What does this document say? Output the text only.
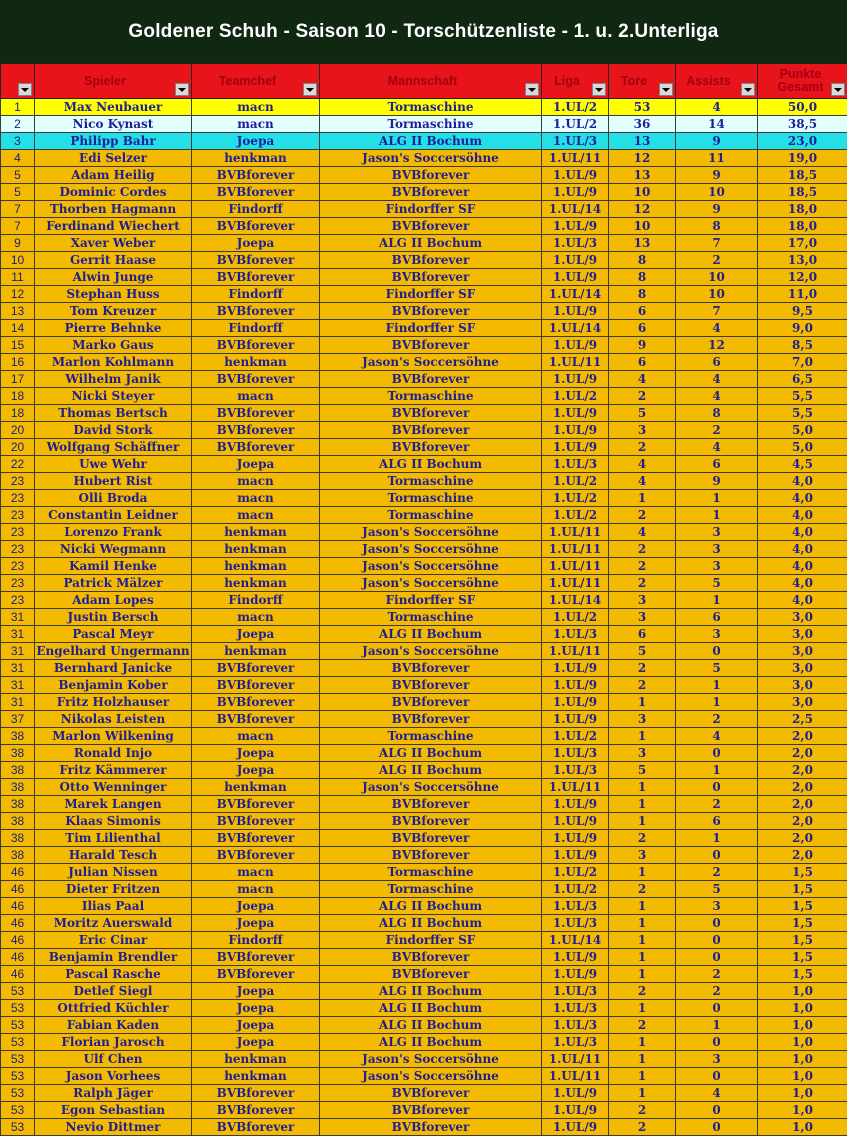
Goldener Schuh - Saison 10 - Torschützenliste - 1. u. 2.Unterliga

	Spieler	Teamchef	Mannschaft	Liga	Tore	Assists	Punkte Gesamt

1	Max Neubauer	macn	Tormaschine	1.UL/2	53	4	50,0
2	Nico Kynast	macn	Tormaschine	1.UL/2	36	14	38,5
3	Philipp Bahr	Joepa	ALG II Bochum	1.UL/3	13	9	23,0
4	Edi Selzer	henkman	Jason's Soccersöhne	1.UL/11	12	11	19,0
5	Adam Heilig	BVBforever	BVBforever	1.UL/9	13	9	18,5
5	Dominic Cordes	BVBforever	BVBforever	1.UL/9	10	10	18,5
7	Thorben Hagmann	Findorff	Findorffer SF	1.UL/14	12	9	18,0
7	Ferdinand Wiechert	BVBforever	BVBforever	1.UL/9	10	8	18,0
9	Xaver Weber	Joepa	ALG II Bochum	1.UL/3	13	7	17,0
10	Gerrit Haase	BVBforever	BVBforever	1.UL/9	8	2	13,0
11	Alwin Junge	BVBforever	BVBforever	1.UL/9	8	10	12,0
12	Stephan Huss	Findorff	Findorffer SF	1.UL/14	8	10	11,0
13	Tom Kreuzer	BVBforever	BVBforever	1.UL/9	6	7	9,5
14	Pierre Behnke	Findorff	Findorffer SF	1.UL/14	6	4	9,0
15	Marko Gaus	BVBforever	BVBforever	1.UL/9	9	12	8,5
16	Marlon Kohlmann	henkman	Jason's Soccersöhne	1.UL/11	6	6	7,0
17	Wilhelm Janik	BVBforever	BVBforever	1.UL/9	4	4	6,5
18	Nicki Steyer	macn	Tormaschine	1.UL/2	2	4	5,5
18	Thomas Bertsch	BVBforever	BVBforever	1.UL/9	5	8	5,5
20	David Stork	BVBforever	BVBforever	1.UL/9	3	2	5,0
20	Wolfgang Schäffner	BVBforever	BVBforever	1.UL/9	2	4	5,0
22	Uwe Wehr	Joepa	ALG II Bochum	1.UL/3	4	6	4,5
23	Hubert Rist	macn	Tormaschine	1.UL/2	4	9	4,0
23	Olli Broda	macn	Tormaschine	1.UL/2	1	1	4,0
23	Constantin Leidner	macn	Tormaschine	1.UL/2	2	1	4,0
23	Lorenzo Frank	henkman	Jason's Soccersöhne	1.UL/11	4	3	4,0
23	Nicki Wegmann	henkman	Jason's Soccersöhne	1.UL/11	2	3	4,0
23	Kamil Henke	henkman	Jason's Soccersöhne	1.UL/11	2	3	4,0
23	Patrick Mälzer	henkman	Jason's Soccersöhne	1.UL/11	2	5	4,0
23	Adam Lopes	Findorff	Findorffer SF	1.UL/14	3	1	4,0
31	Justin Bersch	macn	Tormaschine	1.UL/2	3	6	3,0
31	Pascal Meyr	Joepa	ALG II Bochum	1.UL/3	6	3	3,0
31	Engelhard Ungermann	henkman	Jason's Soccersöhne	1.UL/11	5	0	3,0
31	Bernhard Janicke	BVBforever	BVBforever	1.UL/9	2	5	3,0
31	Benjamin Kober	BVBforever	BVBforever	1.UL/9	2	1	3,0
31	Fritz Holzhauser	BVBforever	BVBforever	1.UL/9	1	1	3,0
37	Nikolas Leisten	BVBforever	BVBforever	1.UL/9	3	2	2,5
38	Marlon Wilkening	macn	Tormaschine	1.UL/2	1	4	2,0
38	Ronald Injo	Joepa	ALG II Bochum	1.UL/3	3	0	2,0
38	Fritz Kämmerer	Joepa	ALG II Bochum	1.UL/3	5	1	2,0
38	Otto Wenninger	henkman	Jason's Soccersöhne	1.UL/11	1	0	2,0
38	Marek Langen	BVBforever	BVBforever	1.UL/9	1	2	2,0
38	Klaas Simonis	BVBforever	BVBforever	1.UL/9	1	6	2,0
38	Tim Lilienthal	BVBforever	BVBforever	1.UL/9	2	1	2,0
38	Harald Tesch	BVBforever	BVBforever	1.UL/9	3	0	2,0
46	Julian Nissen	macn	Tormaschine	1.UL/2	1	2	1,5
46	Dieter Fritzen	macn	Tormaschine	1.UL/2	2	5	1,5
46	Ilias Paal	Joepa	ALG II Bochum	1.UL/3	1	3	1,5
46	Moritz Auerswald	Joepa	ALG II Bochum	1.UL/3	1	0	1,5
46	Eric Cinar	Findorff	Findorffer SF	1.UL/14	1	0	1,5
46	Benjamin Brendler	BVBforever	BVBforever	1.UL/9	1	0	1,5
46	Pascal Rasche	BVBforever	BVBforever	1.UL/9	1	2	1,5
53	Detlef Siegl	Joepa	ALG II Bochum	1.UL/3	2	2	1,0
53	Ottfried Küchler	Joepa	ALG II Bochum	1.UL/3	1	0	1,0
53	Fabian Kaden	Joepa	ALG II Bochum	1.UL/3	2	1	1,0
53	Florian Jarosch	Joepa	ALG II Bochum	1.UL/3	1	0	1,0
53	Ulf Chen	henkman	Jason's Soccersöhne	1.UL/11	1	3	1,0
53	Jason Vorhees	henkman	Jason's Soccersöhne	1.UL/11	1	0	1,0
53	Ralph Jäger	BVBforever	BVBforever	1.UL/9	1	4	1,0
53	Egon Sebastian	BVBforever	BVBforever	1.UL/9	2	0	1,0
53	Nevio Dittmer	BVBforever	BVBforever	1.UL/9	2	0	1,0
